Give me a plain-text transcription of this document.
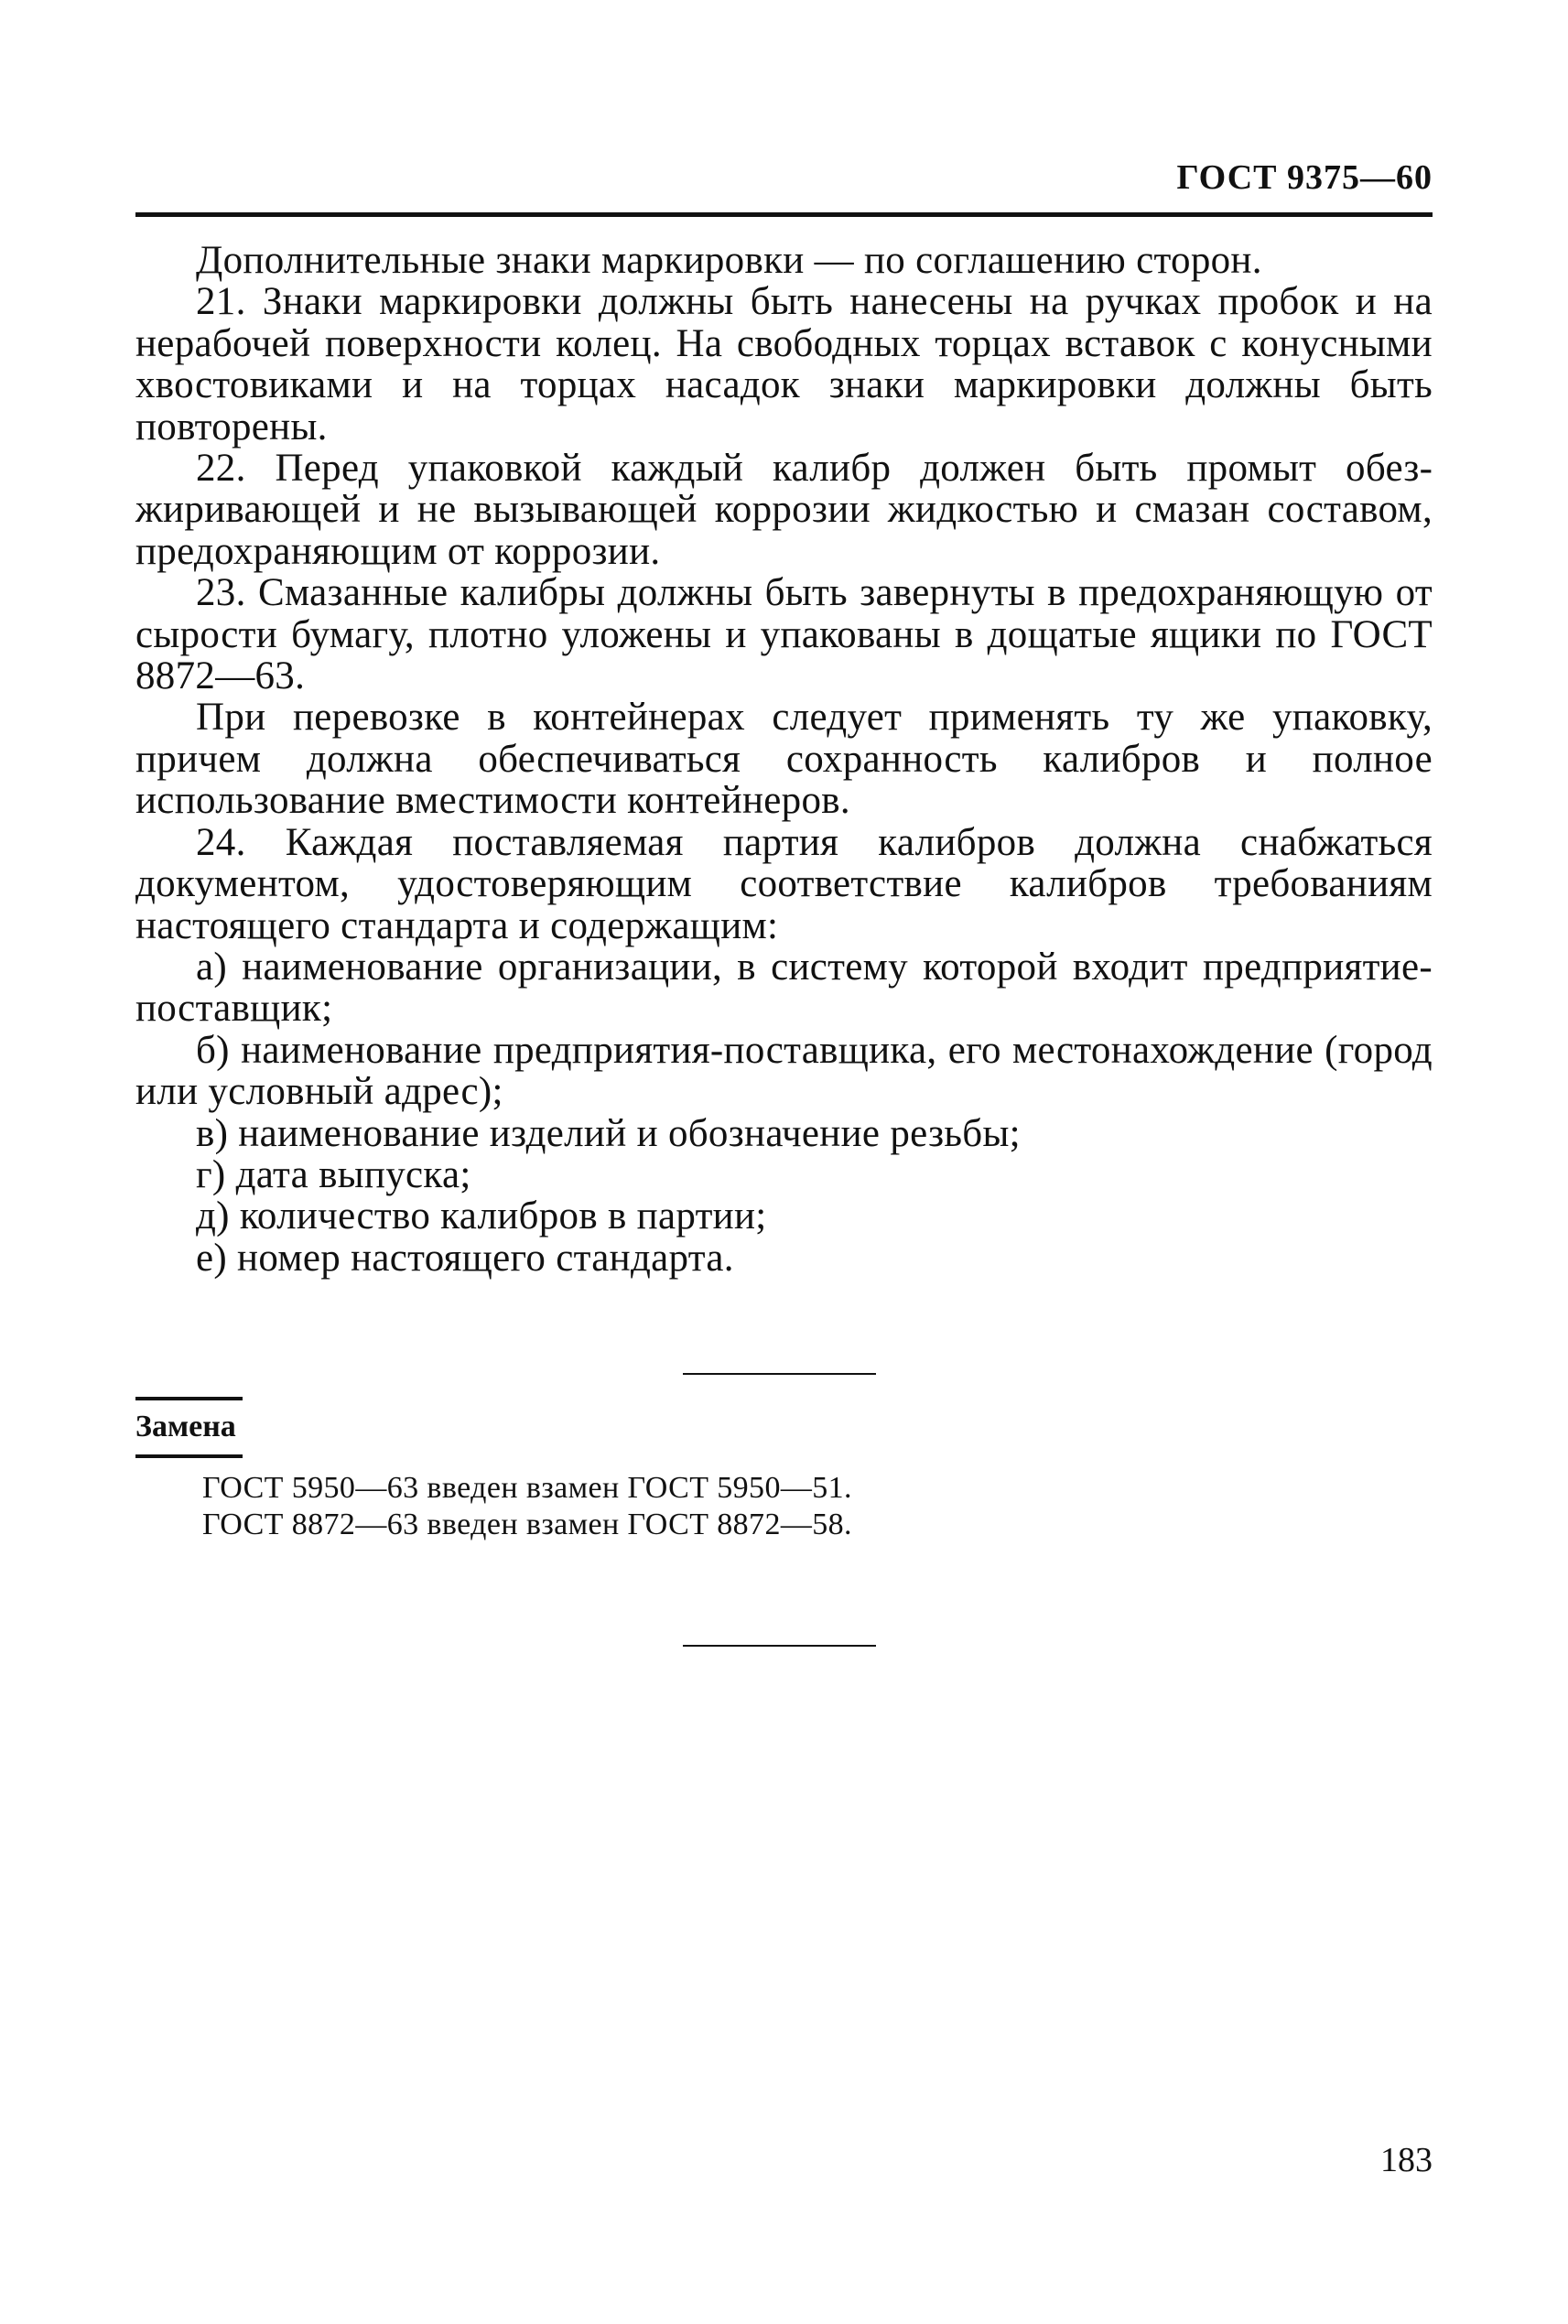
ГОСТ 9375—60

Дополнительные знаки маркировки — по соглашению сторон.

21. Знаки маркировки должны быть нанесены на ручках пробок и на нерабочей поверхности колец. На свободных торцах вставок с конусными хвостовиками и на торцах насадок знаки маркировки должны быть повторены.

22. Перед упаковкой каждый калибр должен быть промыт обезжиривающей и не вызывающей коррозии жидкостью и смазан составом, предохраняющим от коррозии.

23. Смазанные калибры должны быть завернуты в предохраняющую от сырости бумагу, плотно уложены и упакованы в дощатые ящики по ГОСТ 8872—63.

При перевозке в контейнерах следует применять ту же упаковку, причем должна обеспечиваться сохранность калибров и полное использование вместимости контейнеров.

24. Каждая поставляемая партия калибров должна снабжаться документом, удостоверяющим соответствие калибров требованиям настоящего стандарта и содержащим:

а) наименование организации, в систему которой входит предприятие-поставщик;

б) наименование предприятия-поставщика, его местонахождение (город или условный адрес);

в) наименование изделий и обозначение резьбы;

г) дата выпуска;

д) количество калибров в партии;

е) номер настоящего стандарта.

Замена
ГОСТ 5950—63 введен взамен ГОСТ 5950—51.
ГОСТ 8872—63 введен взамен ГОСТ 8872—58.
183
